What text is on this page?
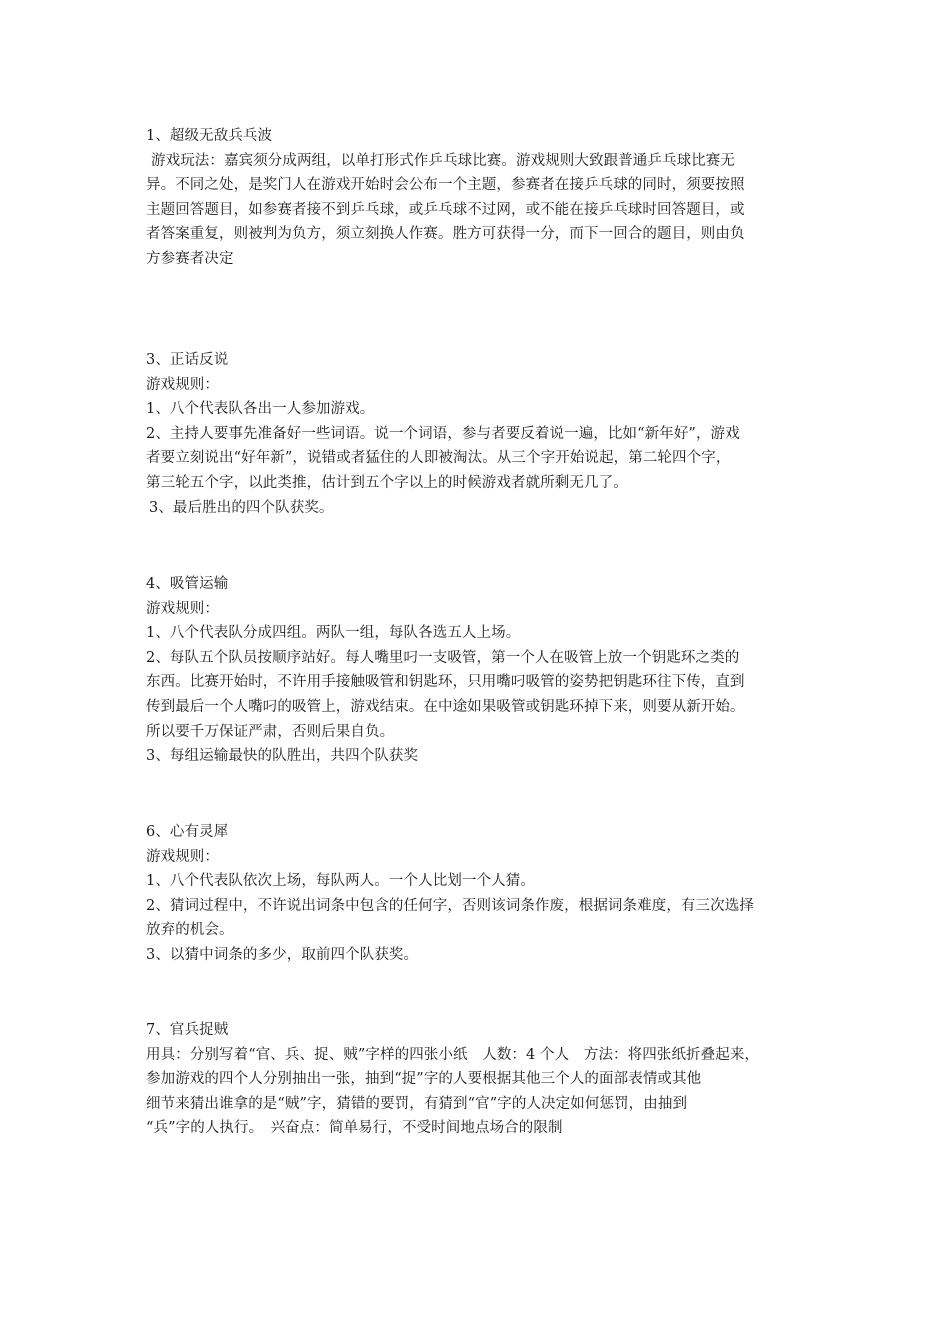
1、超级无敌兵乓波
游戏玩法：嘉宾须分成两组，以单打形式作乒乓球比赛。游戏规则大致跟普通乒乓球比赛无
异。不同之处，是奖门人在游戏开始时会公布一个主题，参赛者在接乒乓球的同时，须要按照
主题回答题目，如参赛者接不到乒乓球，或乒乓球不过网，或不能在接乒乓球时回答题目，或
者答案重复，则被判为负方，须立刻换人作赛。胜方可获得一分，而下一回合的题目，则由负
方参赛者决定
3、正话反说
游戏规则：
1、八个代表队各出一人参加游戏。
2、主持人要事先准备好一些词语。说一个词语，参与者要反着说一遍，比如“新年好”，游戏
者要立刻说出“好年新”，说错或者猛住的人即被淘汰。从三个字开始说起，第二轮四个字，
第三轮五个字，以此类推，估计到五个字以上的时候游戏者就所剩无几了。
3、最后胜出的四个队获奖。
4、吸管运输
游戏规则：
1、八个代表队分成四组。两队一组，每队各选五人上场。
2、每队五个队员按顺序站好。每人嘴里叼一支吸管，第一个人在吸管上放一个钥匙环之类的
东西。比赛开始时，不许用手接触吸管和钥匙环，只用嘴叼吸管的姿势把钥匙环往下传，直到
传到最后一个人嘴叼的吸管上，游戏结束。在中途如果吸管或钥匙环掉下来，则要从新开始。
所以要千万保证严肃，否则后果自负。
3、每组运输最快的队胜出，共四个队获奖
6、心有灵犀
游戏规则：
1、八个代表队依次上场，每队两人。一个人比划一个人猜。
2、猜词过程中，不许说出词条中包含的任何字，否则该词条作废，根据词条难度，有三次选择
放弃的机会。
3、以猜中词条的多少，取前四个队获奖。
7、官兵捉贼
用具：分别写着“官、兵、捉、贼”字样的四张小纸　人数：4 个人　方法：将四张纸折叠起来，
参加游戏的四个人分别抽出一张，抽到“捉”字的人要根据其他三个人的面部表情或其他
细节来猜出谁拿的是“贼”字，猜错的要罚，有猜到“官”字的人决定如何惩罚，由抽到
“兵”字的人执行。　兴奋点：简单易行，不受时间地点场合的限制
